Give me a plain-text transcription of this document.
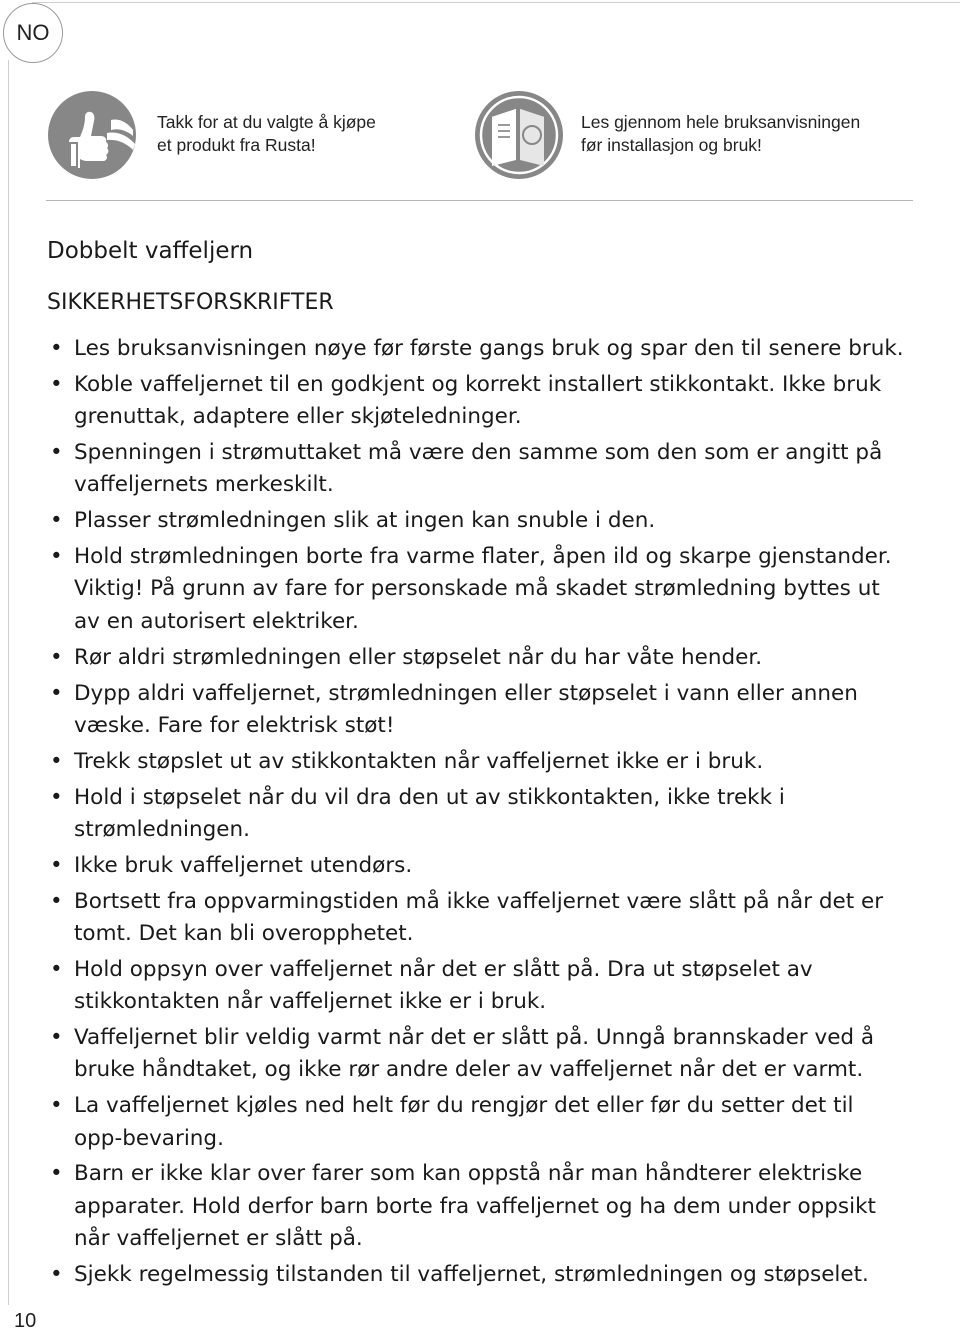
NO
Takk for at du valgte å kjøpe
et produkt fra Rusta!
Les gjennom hele bruksanvisningen
før installasjon og bruk!
Dobbelt vaffeljern
SIKKERHETSFORSKRIFTER
• Les bruksanvisningen nøye før første gangs bruk og spar den til senere bruk.
• Koble vaffeljernet til en godkjent og korrekt installert stikkontakt. Ikke bruk
grenuttak, adaptere eller skjøteledninger.
• Spenningen i strømuttaket må være den samme som den som er angitt på
vaffeljernets merkeskilt.
• Plasser strømledningen slik at ingen kan snuble i den.
• Hold strømledningen borte fra varme flater, åpen ild og skarpe gjenstander.
Viktig! På grunn av fare for personskade må skadet strømledning byttes ut
av en autorisert elektriker.
• Rør aldri strømledningen eller støpselet når du har våte hender.
• Dypp aldri vaffeljernet, strømledningen eller støpselet i vann eller annen
væske. Fare for elektrisk støt!
• Trekk støpslet ut av stikkontakten når vaffeljernet ikke er i bruk.
• Hold i støpselet når du vil dra den ut av stikkontakten, ikke trekk i
strømledningen.
• Ikke bruk vaffeljernet utendørs.
• Bortsett fra oppvarmingstiden må ikke vaffeljernet være slått på når det er
tomt. Det kan bli overopphetet.
• Hold oppsyn over vaffeljernet når det er slått på. Dra ut støpselet av
stikkontakten når vaffeljernet ikke er i bruk.
• Vaffeljernet blir veldig varmt når det er slått på. Unngå brannskader ved å
bruke håndtaket, og ikke rør andre deler av vaffeljernet når det er varmt.
• La vaffeljernet kjøles ned helt før du rengjør det eller før du setter det til
opp-bevaring.
• Barn er ikke klar over farer som kan oppstå når man håndterer elektriske
apparater. Hold derfor barn borte fra vaffeljernet og ha dem under oppsikt
når vaffeljernet er slått på.
• Sjekk regelmessig tilstanden til vaffeljernet, strømledningen og støpselet.
10
